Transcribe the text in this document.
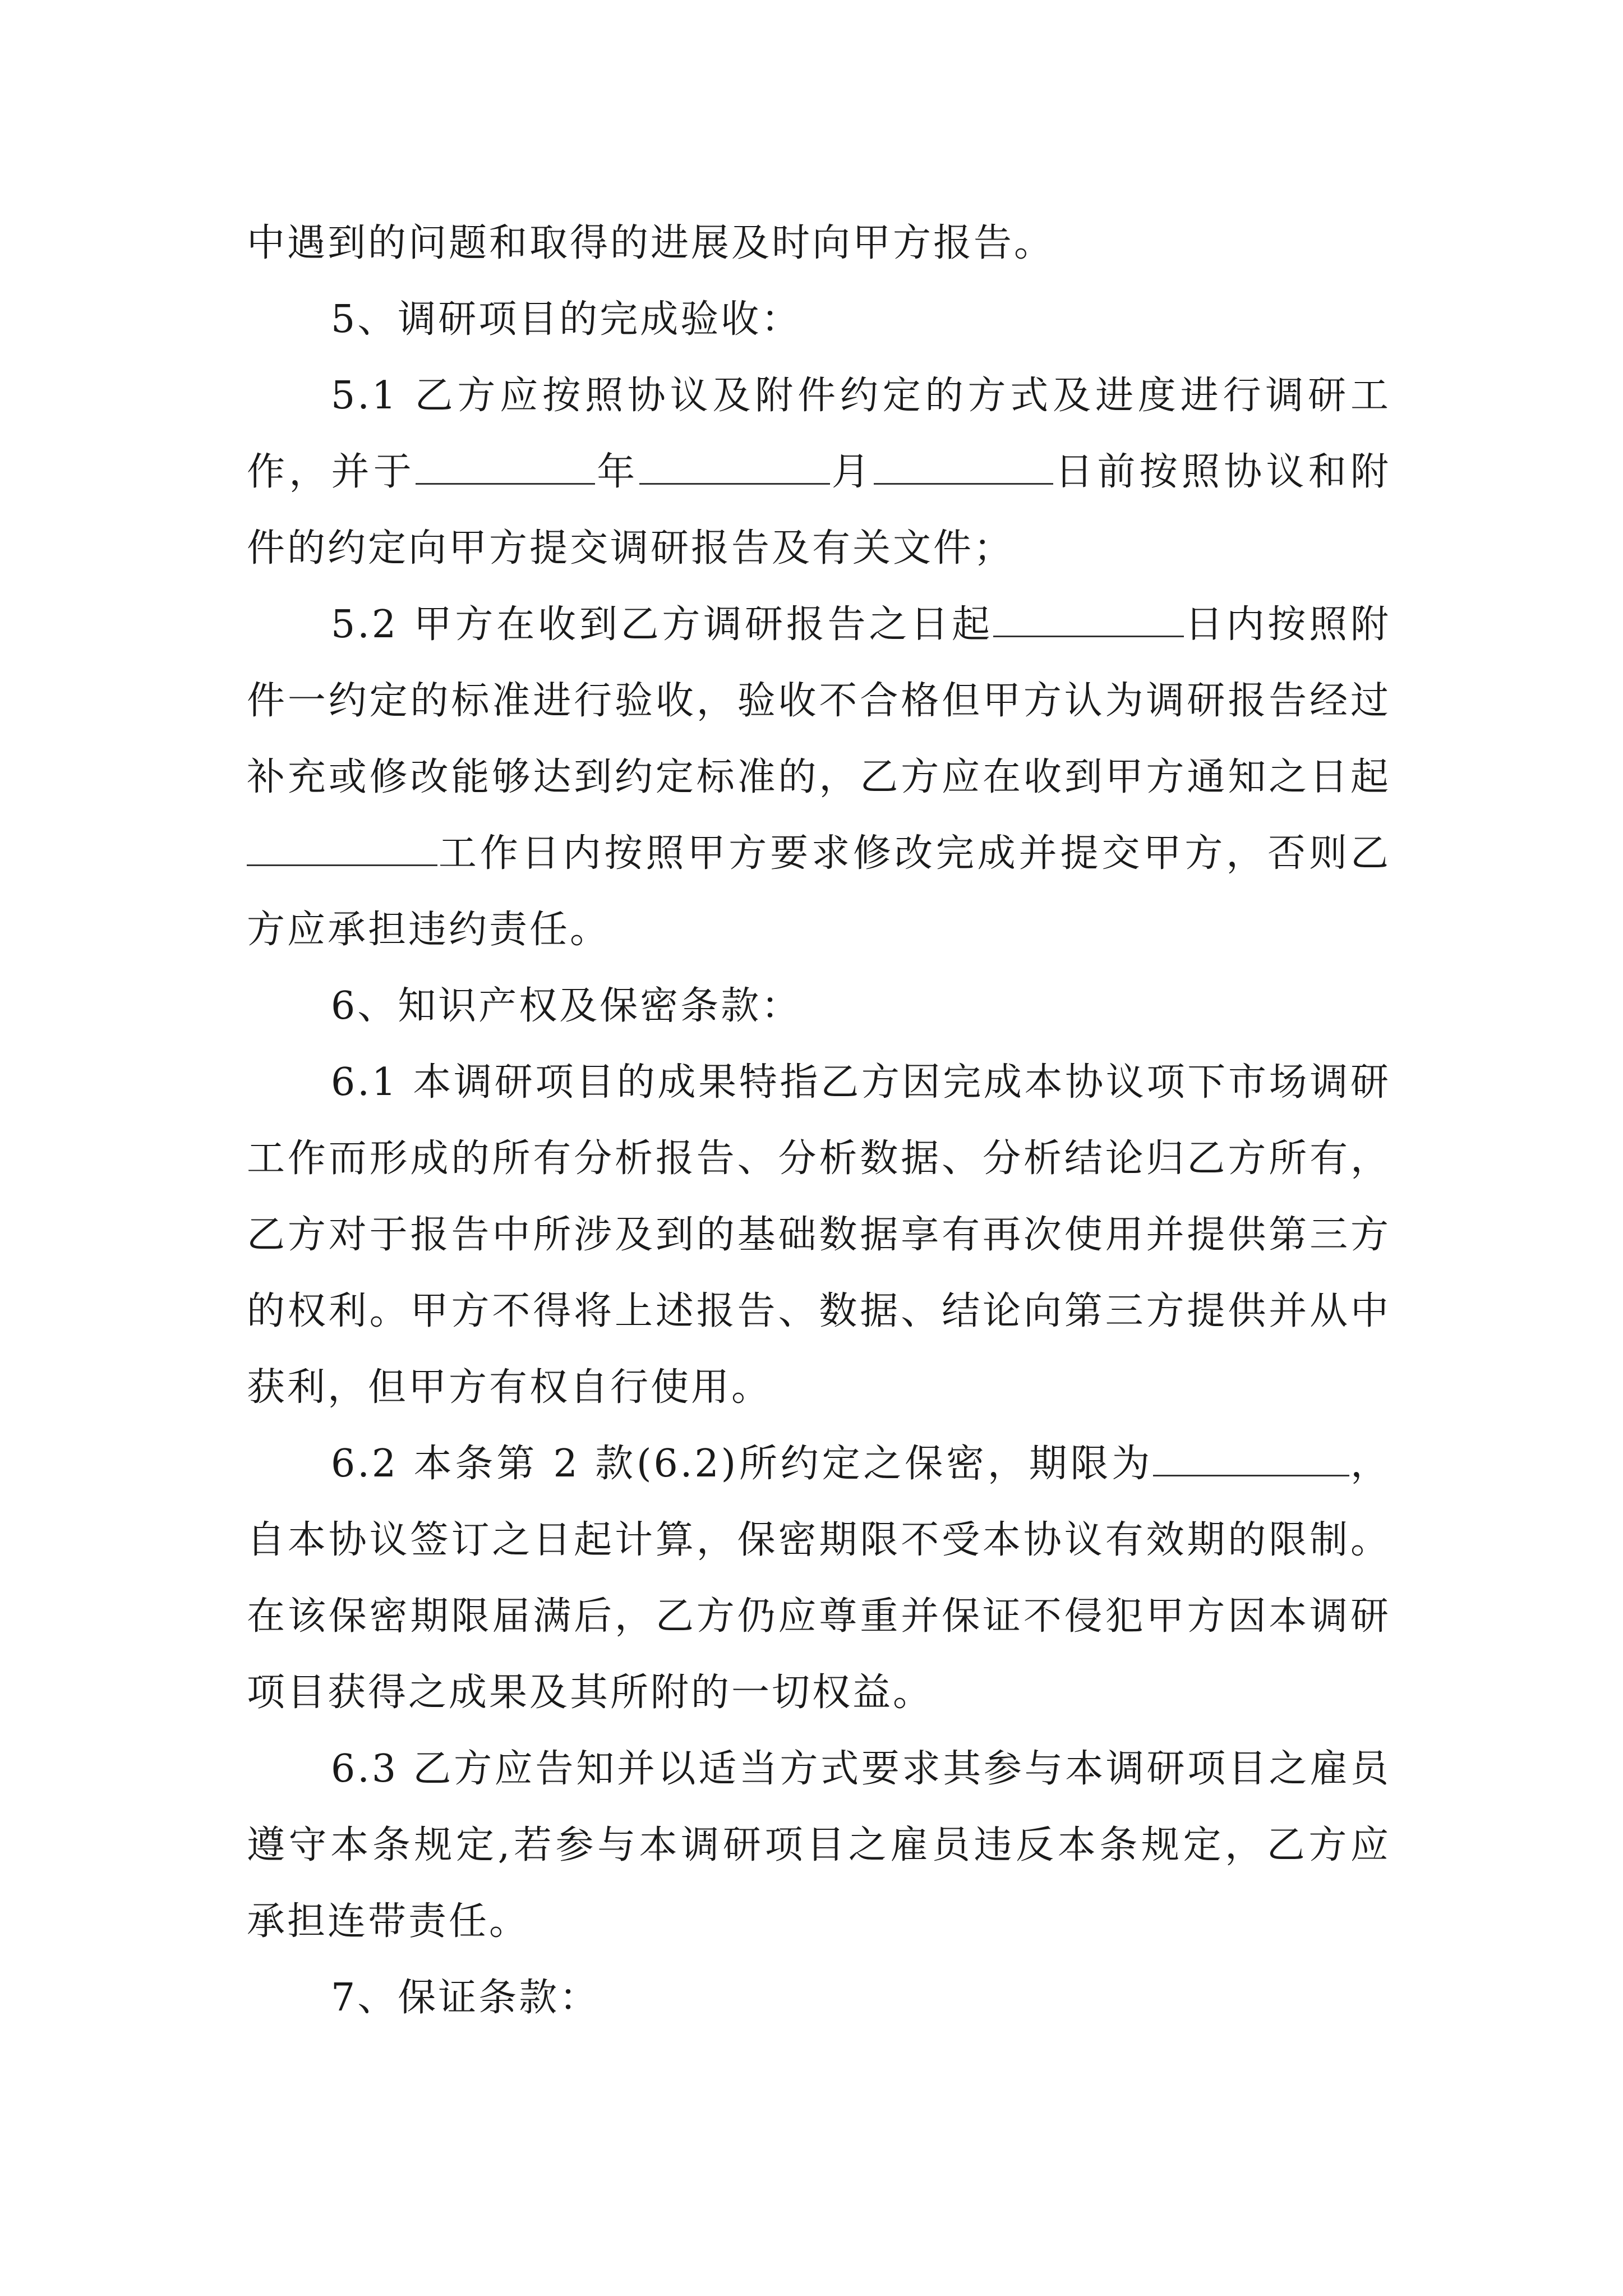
中遇到的问题和取得的进展及时向甲方报告。

5、调研项目的完成验收：

5.1 乙方应按照协议及附件约定的方式及进度进行调研工作，并于	年	月	日前按照协议和附件的约定向甲方提交调研报告及有关文件；

5.2 甲方在收到乙方调研报告之日起	日内按照附件一约定的标准进行验收，验收不合格但甲方认为调研报告经过补充或修改能够达到约定标准的，乙方应在收到甲方通知之日起工作日内按照甲方要求修改完成并提交甲方，否则乙方应承担违约责任。

6、知识产权及保密条款：

6.1 本调研项目的成果特指乙方因完成本协议项下市场调研工作而形成的所有分析报告、分析数据、分析结论归乙方所有，乙方对于报告中所涉及到的基础数据享有再次使用并提供第三方的权利。甲方不得将上述报告、数据、结论向第三方提供并从中获利，但甲方有权自行使用。

6.2 本条第 2 款(6.2)所约定之保密，期限为	，自本协议签订之日起计算，保密期限不受本协议有效期的限制。在该保密期限届满后，乙方仍应尊重并保证不侵犯甲方因本调研项目获得之成果及其所附的一切权益。

6.3 乙方应告知并以适当方式要求其参与本调研项目之雇员遵守本条规定,若参与本调研项目之雇员违反本条规定，乙方应承担连带责任。

7、保证条款：
